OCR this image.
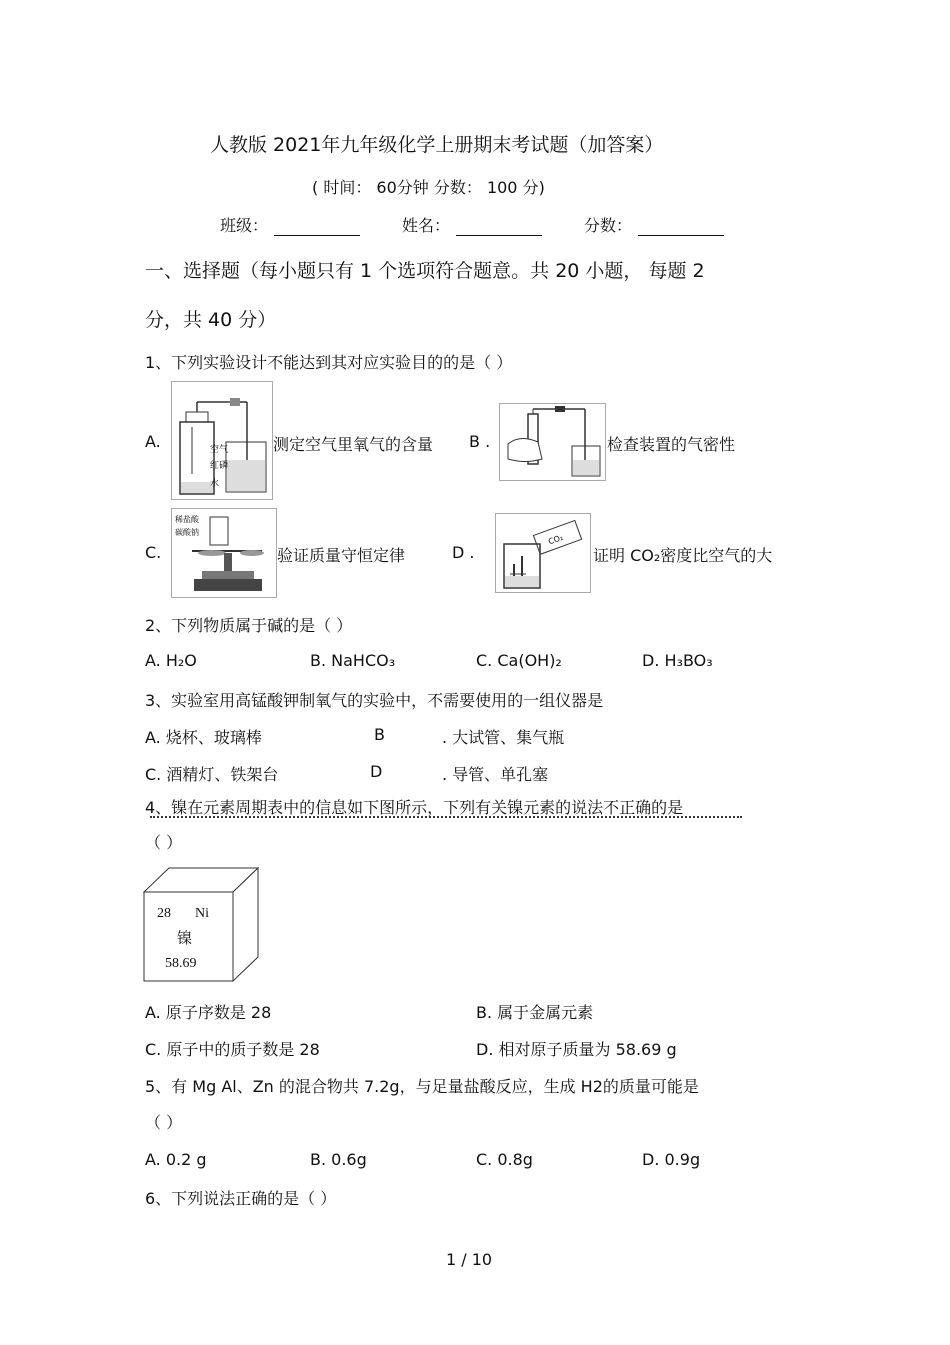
人教版 2021年九年级化学上册期末考试题（加答案）
( 时间： 60分钟 分数： 100 分)
班级：	姓名：	分数：
一、选择题（每小题只有 1 个选项符合题意。共 20 小题， 每题 2
分，共 40 分）
1、下列实验设计不能达到其对应实验目的的是（ ）
A.	空气
红磷
水
测定空气里氧气的含量 B .	检查装置的气密性
C.
稀盐酸
碳酸钠
验证质量守恒定律	D .
CO₂
证明 CO₂密度比空气的大
2、下列物质属于碱的是（ ）
A. H₂O	B. NaHCO₃	C. Ca(OH)₂	D. H₃BO₃
3、实验室用高锰酸钾制氧气的实验中，不需要使用的一组仪器是
A. 烧杯、玻璃棒	B	. 大试管、集气瓶
C. 酒精灯、铁架台	D	. 导管、单孔塞
4、镍在元素周期表中的信息如下图所示，下列有关镍元素的说法不正确的是
（ ）
28 Ni
镍
58.69
A. 原子序数是 28	B. 属于金属元素
C. 原子中的质子数是 28	D. 相对原子质量为 58.69 g
5、有 Mg Al、Zn 的混合物共 7.2g，与足量盐酸反应，生成 H2的质量可能是
（ ）
A. 0.2 g	B. 0.6g	C. 0.8g	D. 0.9g
6、下列说法正确的是（ ）
1 / 10
